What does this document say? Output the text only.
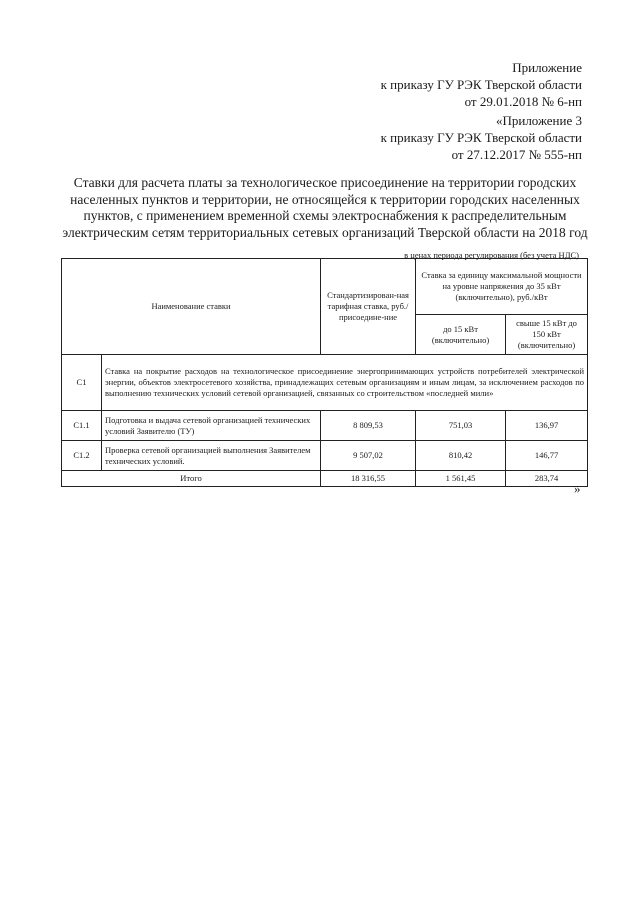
Приложение
к приказу ГУ РЭК Тверской области
от 29.01.2018 № 6-нп
«Приложение 3
к приказу ГУ РЭК Тверской области
от 27.12.2017 № 555-нп
Ставки для расчета платы за технологическое присоединение на территории городских
населенных пунктов и территории, не относящейся к территории городских населенных
пунктов, с применением временной схемы электроснабжения к распределительным
электрическим сетям территориальных сетевых организаций Тверской области на 2018 год
в ценах периода регулирования (без учета НДС)
Наименование ставки		Стандартизирован-ная тарифная ставка, руб./присоедине-ние	Ставка за единицу максимальной мощности на уровне напряжения до 35 кВт (включительно), руб./кВт	
			до 15 кВт (включительно)	свыше 15 кВт до 150 кВт (включительно)
С1	Ставка на покрытие расходов на технологическое присоединение энергопринимающих устройств потребителей электрической энергии, объектов электросетевого хозяйства, принадлежащих сетевым организациям и иным лицам, за исключением расходов по выполнению технических условий сетевой организацией, связанных со строительством «последней мили»			
С1.1	Подготовка и выдача сетевой организацией технических условий Заявителю (ТУ)	8 809,53	751,03	136,97
С1.2	Проверка сетевой организацией выполнения Заявителем технических условий.	9 507,02	810,42	146,77
Итого		18 316,55	1 561,45	283,74
»
